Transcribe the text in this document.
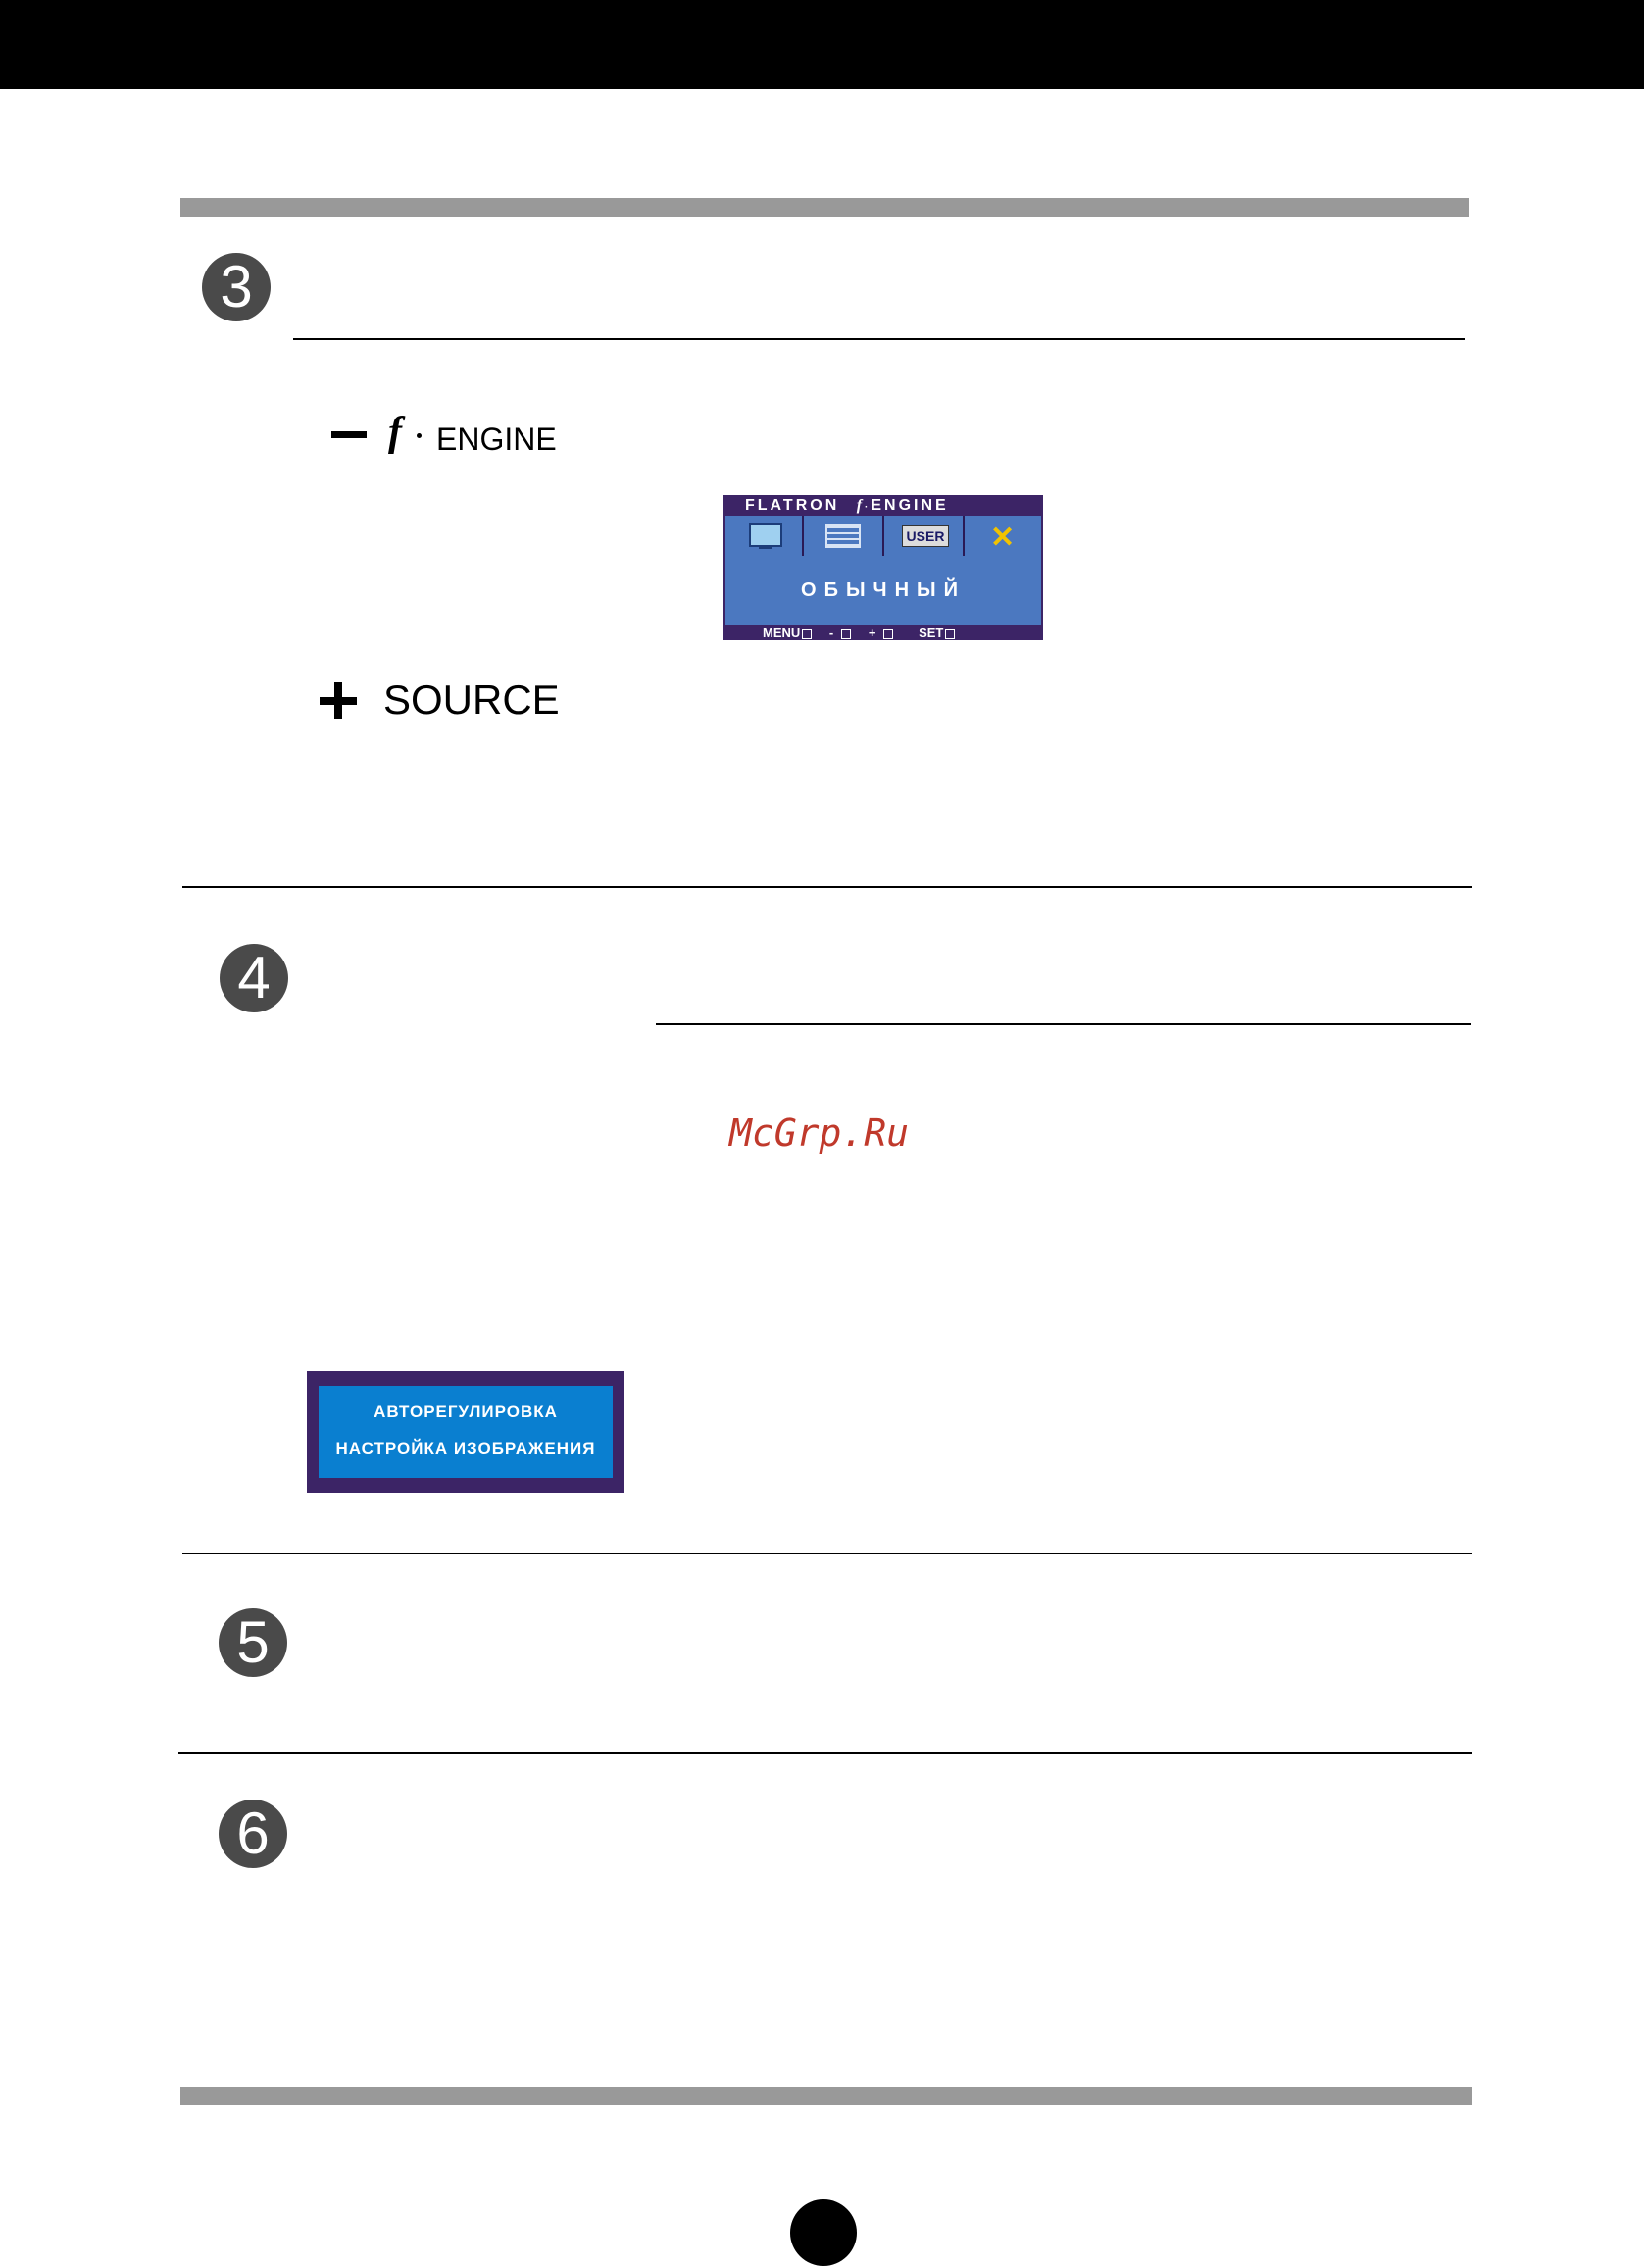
3
f ENGINE
FLATRON f·ENGINE
USER ✕
ОБЫЧНЫЙ
MENU -	+	SET
SOURCE
4
McGrp.Ru
АВТОРЕГУЛИРОВКА
НАСТРОЙКА ИЗОБРАЖЕНИЯ
5
6
